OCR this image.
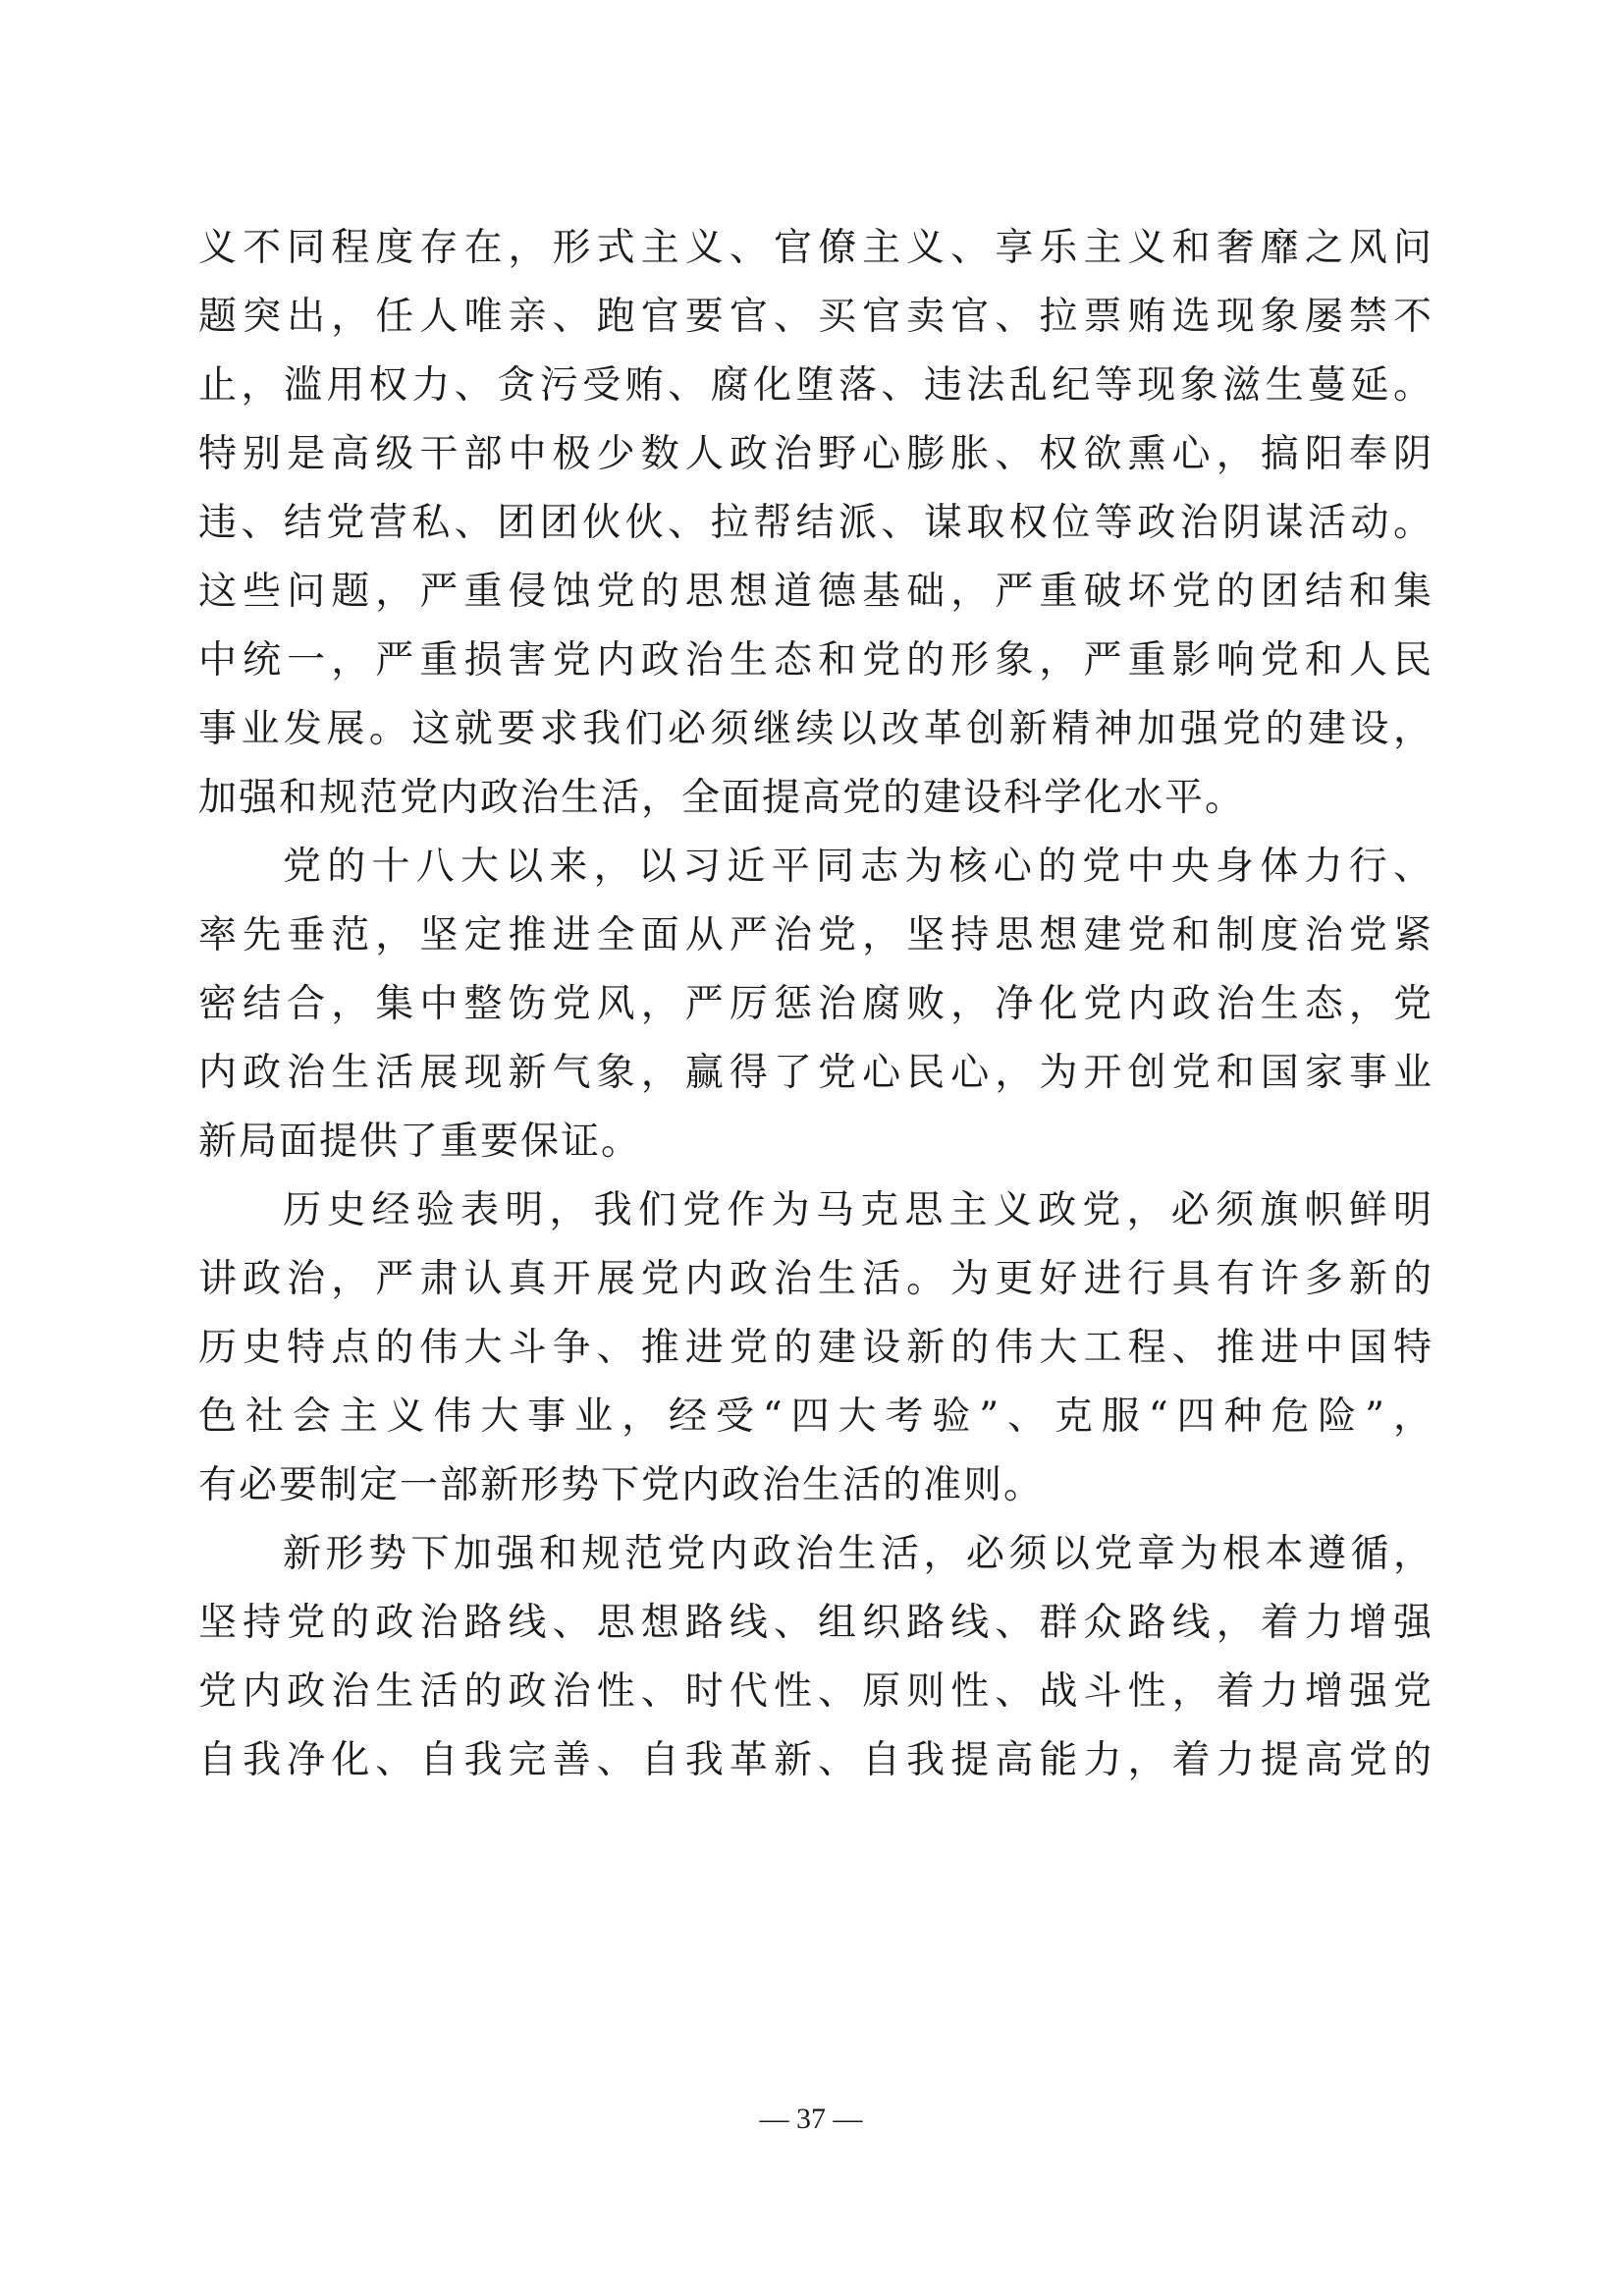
义不同程度存在，形式主义、官僚主义、享乐主义和奢靡之风问
题突出，任人唯亲、跑官要官、买官卖官、拉票贿选现象屡禁不
止，滥用权力、贪污受贿、腐化堕落、违法乱纪等现象滋生蔓延。
特别是高级干部中极少数人政治野心膨胀、权欲熏心，搞阳奉阴
违、结党营私、团团伙伙、拉帮结派、谋取权位等政治阴谋活动。
这些问题，严重侵蚀党的思想道德基础，严重破坏党的团结和集
中统一，严重损害党内政治生态和党的形象，严重影响党和人民
事业发展。这就要求我们必须继续以改革创新精神加强党的建设，
加强和规范党内政治生活，全面提高党的建设科学化水平。
党的十八大以来，以习近平同志为核心的党中央身体力行、
率先垂范，坚定推进全面从严治党，坚持思想建党和制度治党紧
密结合，集中整饬党风，严厉惩治腐败，净化党内政治生态，党
内政治生活展现新气象，赢得了党心民心，为开创党和国家事业
新局面提供了重要保证。
历史经验表明，我们党作为马克思主义政党，必须旗帜鲜明
讲政治，严肃认真开展党内政治生活。为更好进行具有许多新的
历史特点的伟大斗争、推进党的建设新的伟大工程、推进中国特
色社会主义伟大事业，经受“四大考验”、克服“四种危险”，
有必要制定一部新形势下党内政治生活的准则。
新形势下加强和规范党内政治生活，必须以党章为根本遵循，
坚持党的政治路线、思想路线、组织路线、群众路线，着力增强
党内政治生活的政治性、时代性、原则性、战斗性，着力增强党
自我净化、自我完善、自我革新、自我提高能力，着力提高党的
— 37 —
